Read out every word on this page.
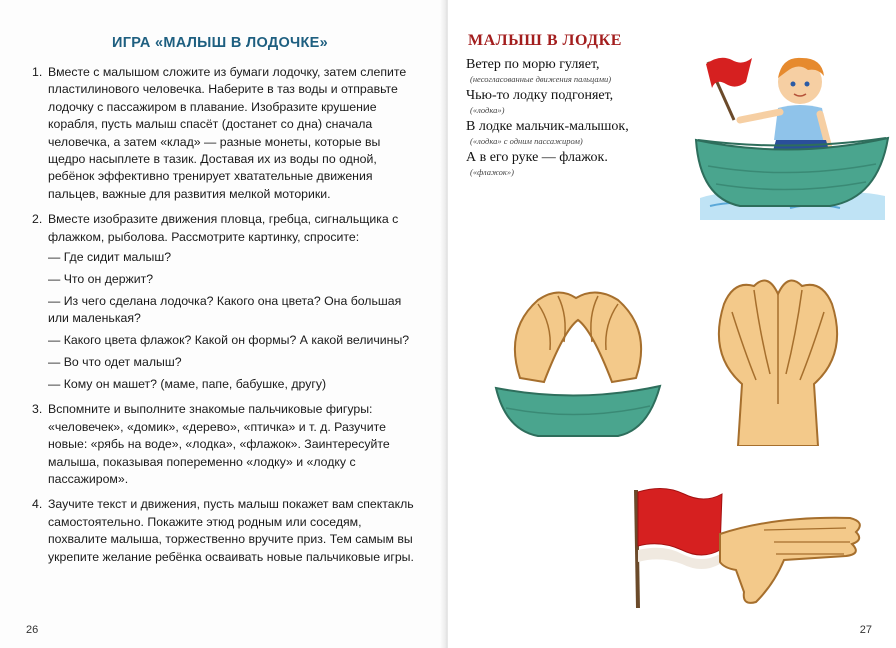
ИГРА «МАЛЫШ В ЛОДОЧКЕ»
1. Вместе с малышом сложите из бумаги лодочку, затем слепите пластилинового человечка. Наберите в таз воды и отправьте лодочку с пассажиром в плавание. Изобразите крушение корабля, пусть малыш спасёт (достанет со дна) сначала человечка, а затем «клад» — разные монеты, которые вы щедро насыплете в тазик. Доставая их из воды по одной, ребёнок эффективно тренирует хватательные движения пальцев, важные для развития мелкой моторики.
2. Вместе изобразите движения пловца, гребца, сигнальщика с флажком, рыболова. Рассмотрите картинку, спросите:
— Где сидит малыш?
— Что он держит?
— Из чего сделана лодочка? Какого она цвета? Она большая или маленькая?
— Какого цвета флажок? Какой он формы? А какой величины?
— Во что одет малыш?
— Кому он машет? (маме, папе, бабушке, другу)
3. Вспомните и выполните знакомые пальчиковые фигуры: «человечек», «домик», «дерево», «птичка» и т. д. Разучите новые: «рябь на воде», «лодка», «флажок». Заинтересуйте малыша, показывая попеременно «лодку» и «лодку с пассажиром».
4. Заучите текст и движения, пусть малыш покажет вам спектакль самостоятельно. Покажите этюд родным или соседям, похвалите малыша, торжественно вручите приз. Тем самым вы укрепите желание ребёнка осваивать новые пальчиковые игры.
26
МАЛЫШ В ЛОДКЕ
Ветер по морю гуляет,
(несогласованные движения пальцами)
Чью-то лодку подгоняет,
(«лодка»)
В лодке мальчик-малышок,
(«лодка» с одним пассажиром)
А в его руке — флажок.
(«флажок»)
27
